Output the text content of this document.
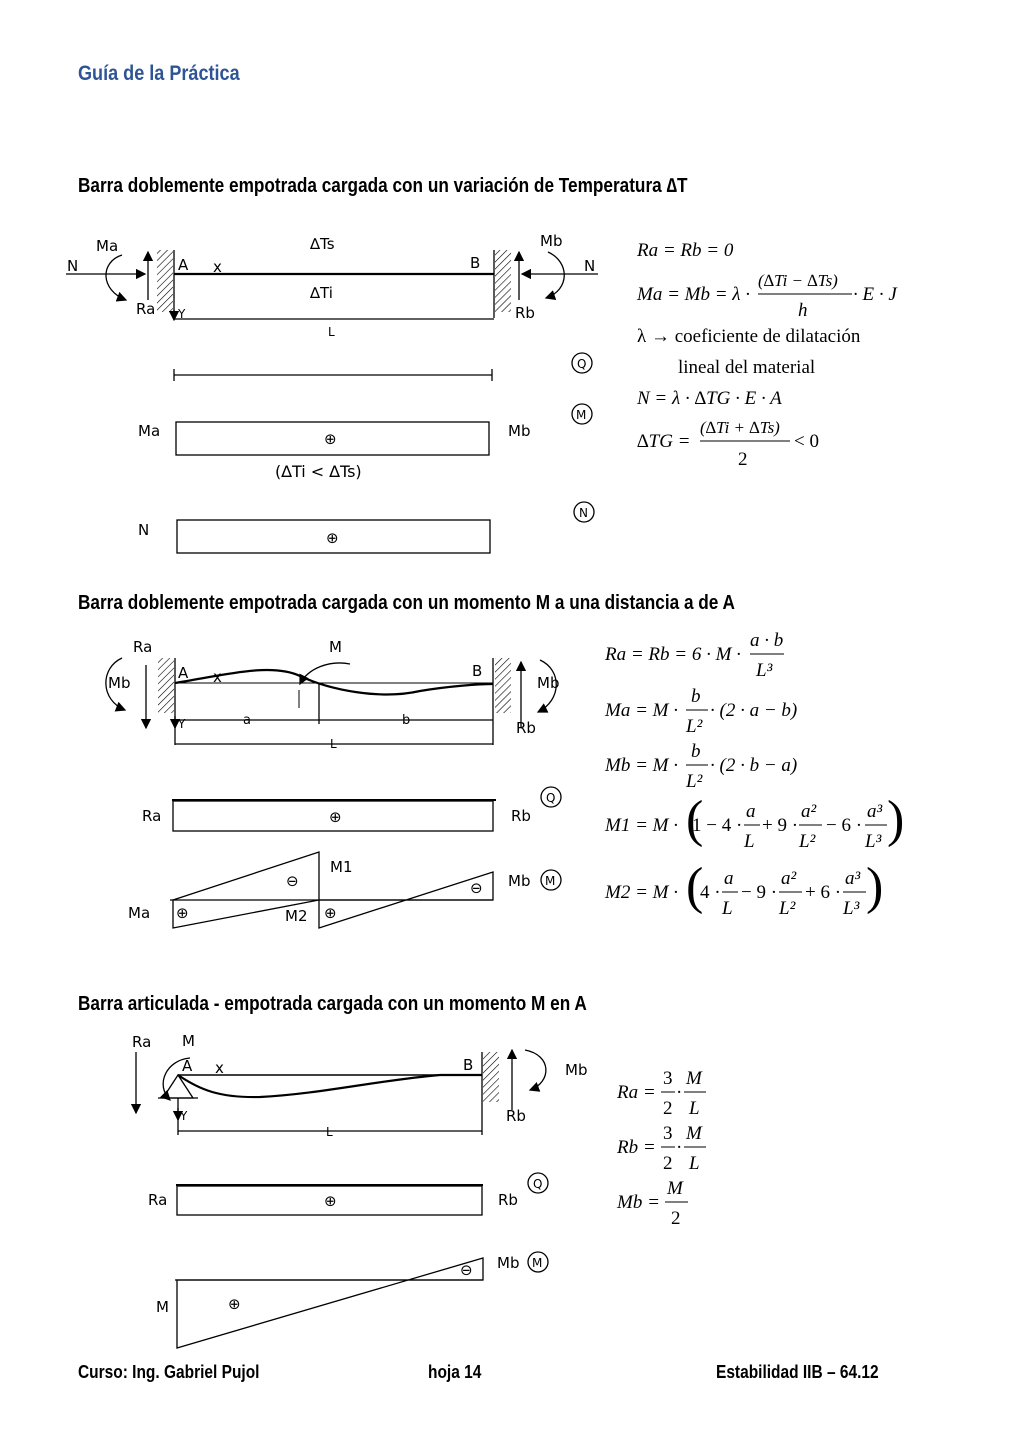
Guía de la Práctica
Barra doblemente empotrada cargada con un variación de Temperatura ∆T
Barra doblemente empotrada cargada con un momento M a una distancia a de A
Barra articulada - empotrada cargada con un momento M en A
Ma	Mb
N	N
A	B
x
∆Ts
∆Ti
Ra	Rb
Y
L
Ma	Mb
⊕
(∆Ti < ∆Ts)
N	⊕
Q
M
N
Ra = Rb = 0
Ma = Mb = λ ·
(∆Ti − ∆Ts)
h
· E · J
λ → coeficiente de dilatación
lineal del material
N = λ · ∆TG · E · A
∆TG =
(∆Ti + ∆Ts)
2
< 0
Ra	M
Mb	Mb
A	B
x
Rb
Y	a	b
L
Ra	Rb
⊕
M1
M2
Ma
Mb
⊕
⊖
⊕
⊖
Q
M
Ra = Rb = 6 · M ·
a · b
L³
Ma = M ·
b
L²
· (2 · a − b)
Mb = M ·
b
L²
· (2 · b − a)
M1 = M · (
1 − 4 ·
a
L
+ 9 ·
a²
L²
− 6 ·
a³
L³ )
M2 = M · (
4 ·
a
L
− 9 ·
a²
L²
+ 6 ·
a³
L³ )
Ra M
A	B
x	Mb
Rb
Y
L
Ra	Rb
⊕
Mb
M	⊕
⊖
Q
M
Ra =
3
2
·
M
L
Rb =
3
2
·
M
L
Mb =
M
2
Curso: Ing. Gabriel Pujol	hoja 14	Estabilidad IIB – 64.12
